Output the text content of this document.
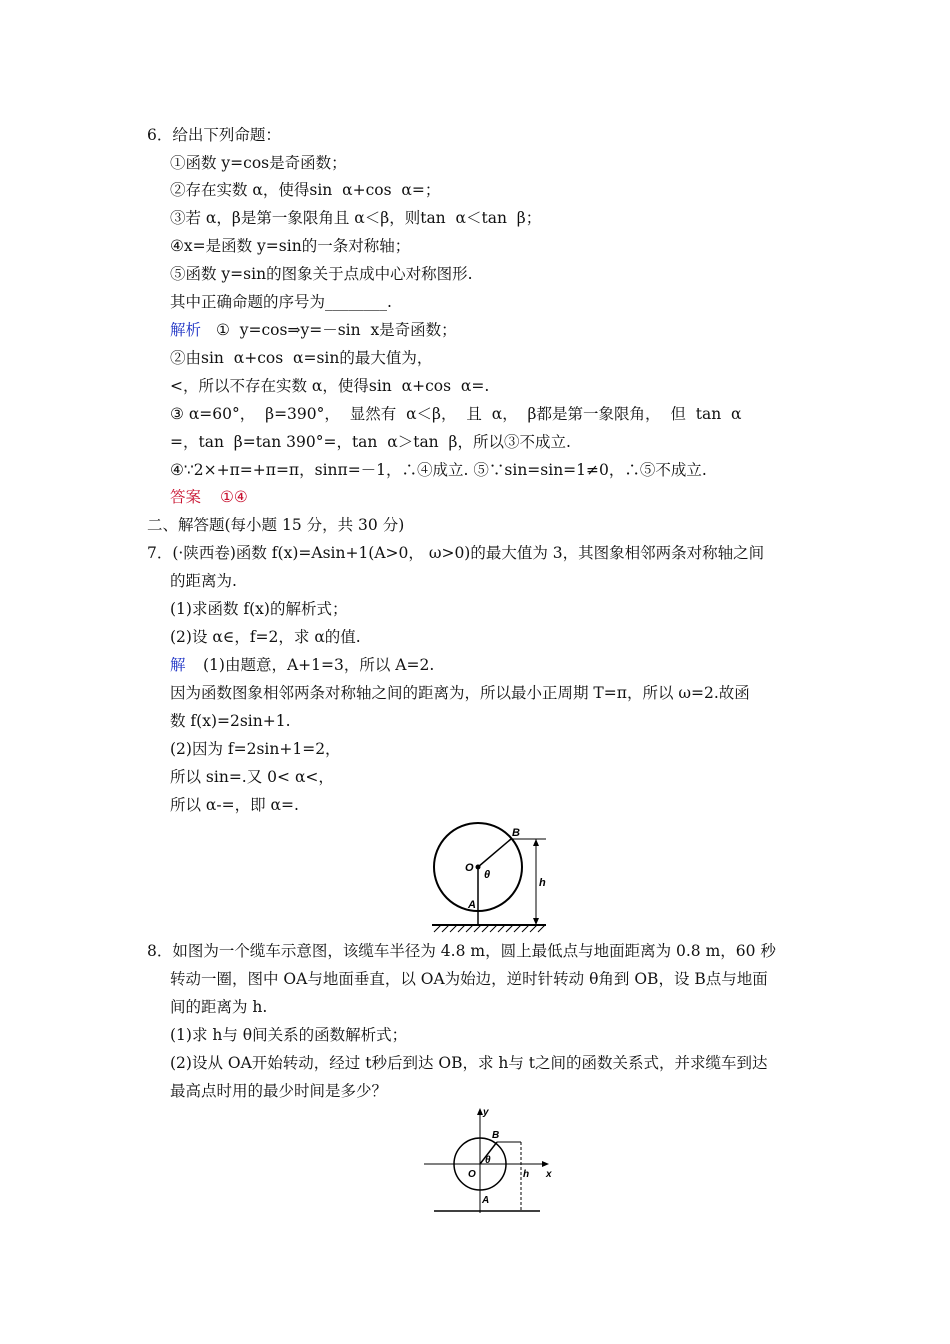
6．给出下列命题：
①函数 y=cos是奇函数；
②存在实数 α，使得sin  α+cos  α=；
③若 α，β是第一象限角且 α＜β，则tan  α＜tan  β；
④x=是函数 y=sin的一条对称轴；
⑤函数 y=sin的图象关于点成中心对称图形.
其中正确命题的序号为________.
解析 ①  y=cos⇒y=－sin  x是奇函数；
②由sin  α+cos  α=sin的最大值为，
<，所以不存在实数 α，使得sin  α+cos  α=.
③ α=60°，  β=390°，  显然有  α＜β，  且  α，  β都是第一象限角，  但  tan  α
=，tan  β=tan 390°=，tan  α＞tan  β，所以③不成立.
④∵2×+π=+π=π，sinπ=－1，∴④成立. ⑤∵sin=sin=1≠0，∴⑤不成立.
答案 ①④
二、解答题(每小题 15 分，共 30 分)
7．(·陕西卷)函数 f(x)=Asin+1(A>0， ω>0)的最大值为 3，其图象相邻两条对称轴之间
的距离为.
(1)求函数 f(x)的解析式；
(2)设 α∈，f=2，求 α的值.
解 (1)由题意，A+1=3，所以 A=2.
因为函数图象相邻两条对称轴之间的距离为，所以最小正周期 T=π，所以 ω=2.故函
数 f(x)=2sin+1.
(2)因为 f=2sin+1=2，
所以 sin=.又 0< α<，
所以 α-=，即 α=.
B
O
θ
h
A
8．如图为一个缆车示意图，该缆车半径为 4.8 m，圆上最低点与地面距离为 0.8 m，60 秒
转动一圈，图中 OA与地面垂直，以 OA为始边，逆时针转动 θ角到 OB，设 B点与地面
间的距离为 h.
(1)求 h与 θ间关系的函数解析式；
(2)设从 OA开始转动，经过 t秒后到达 OB，求 h与 t之间的函数关系式，并求缆车到达
最高点时用的最少时间是多少？
y
B
O
θ
h x
A
